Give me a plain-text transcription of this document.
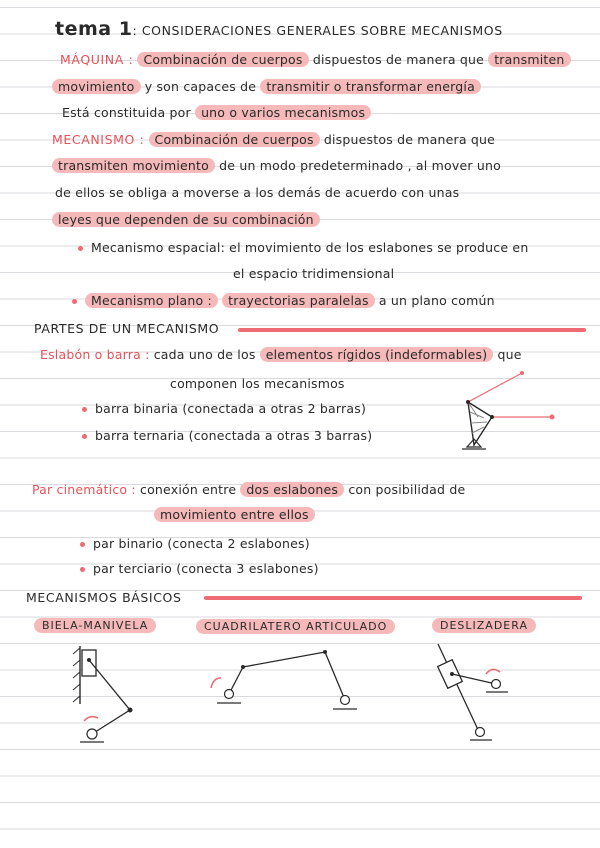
tema 1: CONSIDERACIONES GENERALES SOBRE MECANISMOS
MÁQUINA : Combinación de cuerpos dispuestos de manera que transmiten
movimiento y son capaces de transmitir o transformar energía
Está constituida por uno o varios mecanismos
MECANISMO : Combinación de cuerpos dispuestos de manera que
transmiten movimiento de un modo predeterminado , al mover uno
de ellos se obliga a moverse a los demás de acuerdo con unas
leyes que dependen de su combinación
Mecanismo espacial: el movimiento de los eslabones se produce en
el espacio tridimensional
Mecanismo plano : trayectorias paralelas a un plano común
PARTES DE UN MECANISMO
Eslabón o barra : cada uno de los elementos rígidos (indeformables) que
componen los mecanismos
barra binaria (conectada a otras 2 barras)
barra ternaria (conectada a otras 3 barras)
Par cinemático : conexión entre dos eslabones con posibilidad de
movimiento entre ellos
par binario (conecta 2 eslabones)
par terciario (conecta 3 eslabones)
MECANISMOS BÁSICOS
BIELA-MANIVELA	CUADRILATERO ARTICULADO	DESLIZADERA
